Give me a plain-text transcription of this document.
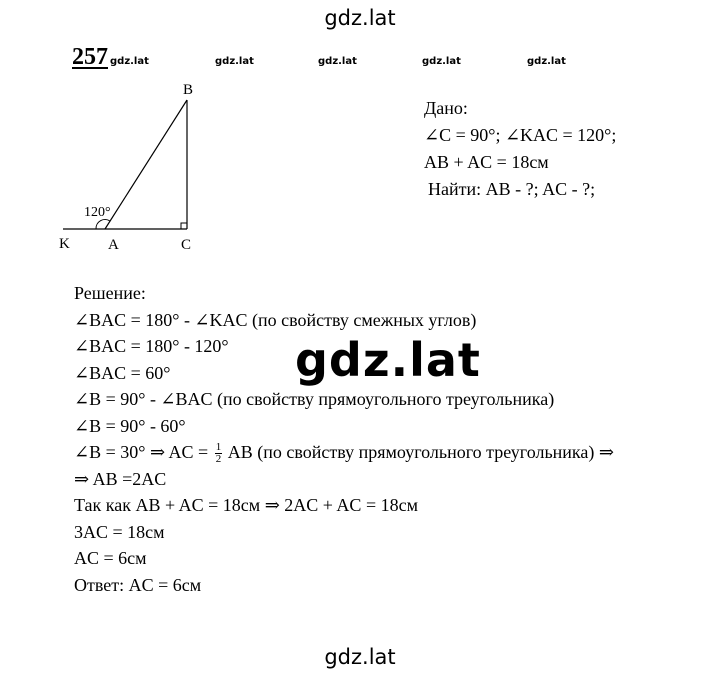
gdz.lat
257 gdz.lat	gdz.lat	gdz.lat	gdz.lat	gdz.lat
B
K	A	C
120°
Дано:
∠C = 90°; ∠KAC = 120°;
AB + AC = 18см
Найти: AB - ?; AC - ?;
Решение:
∠BAC = 180° - ∠KAC (по свойству смежных углов)
∠BAC = 180° - 120°
∠BAC = 60°
∠B = 90° - ∠BAC (по свойству прямоугольного треугольника)
∠B = 90° - 60°
∠B = 30° ⇒ AC = $\frac{1}{2}$ AB (по свойству прямоугольного треугольника) ⇒
⇒ AB =2AC
Так как AB + AC = 18см ⇒ 2AC + AC = 18см
3AC = 18см
AC = 6см
Ответ: AC = 6см
gdz.lat
gdz.lat
